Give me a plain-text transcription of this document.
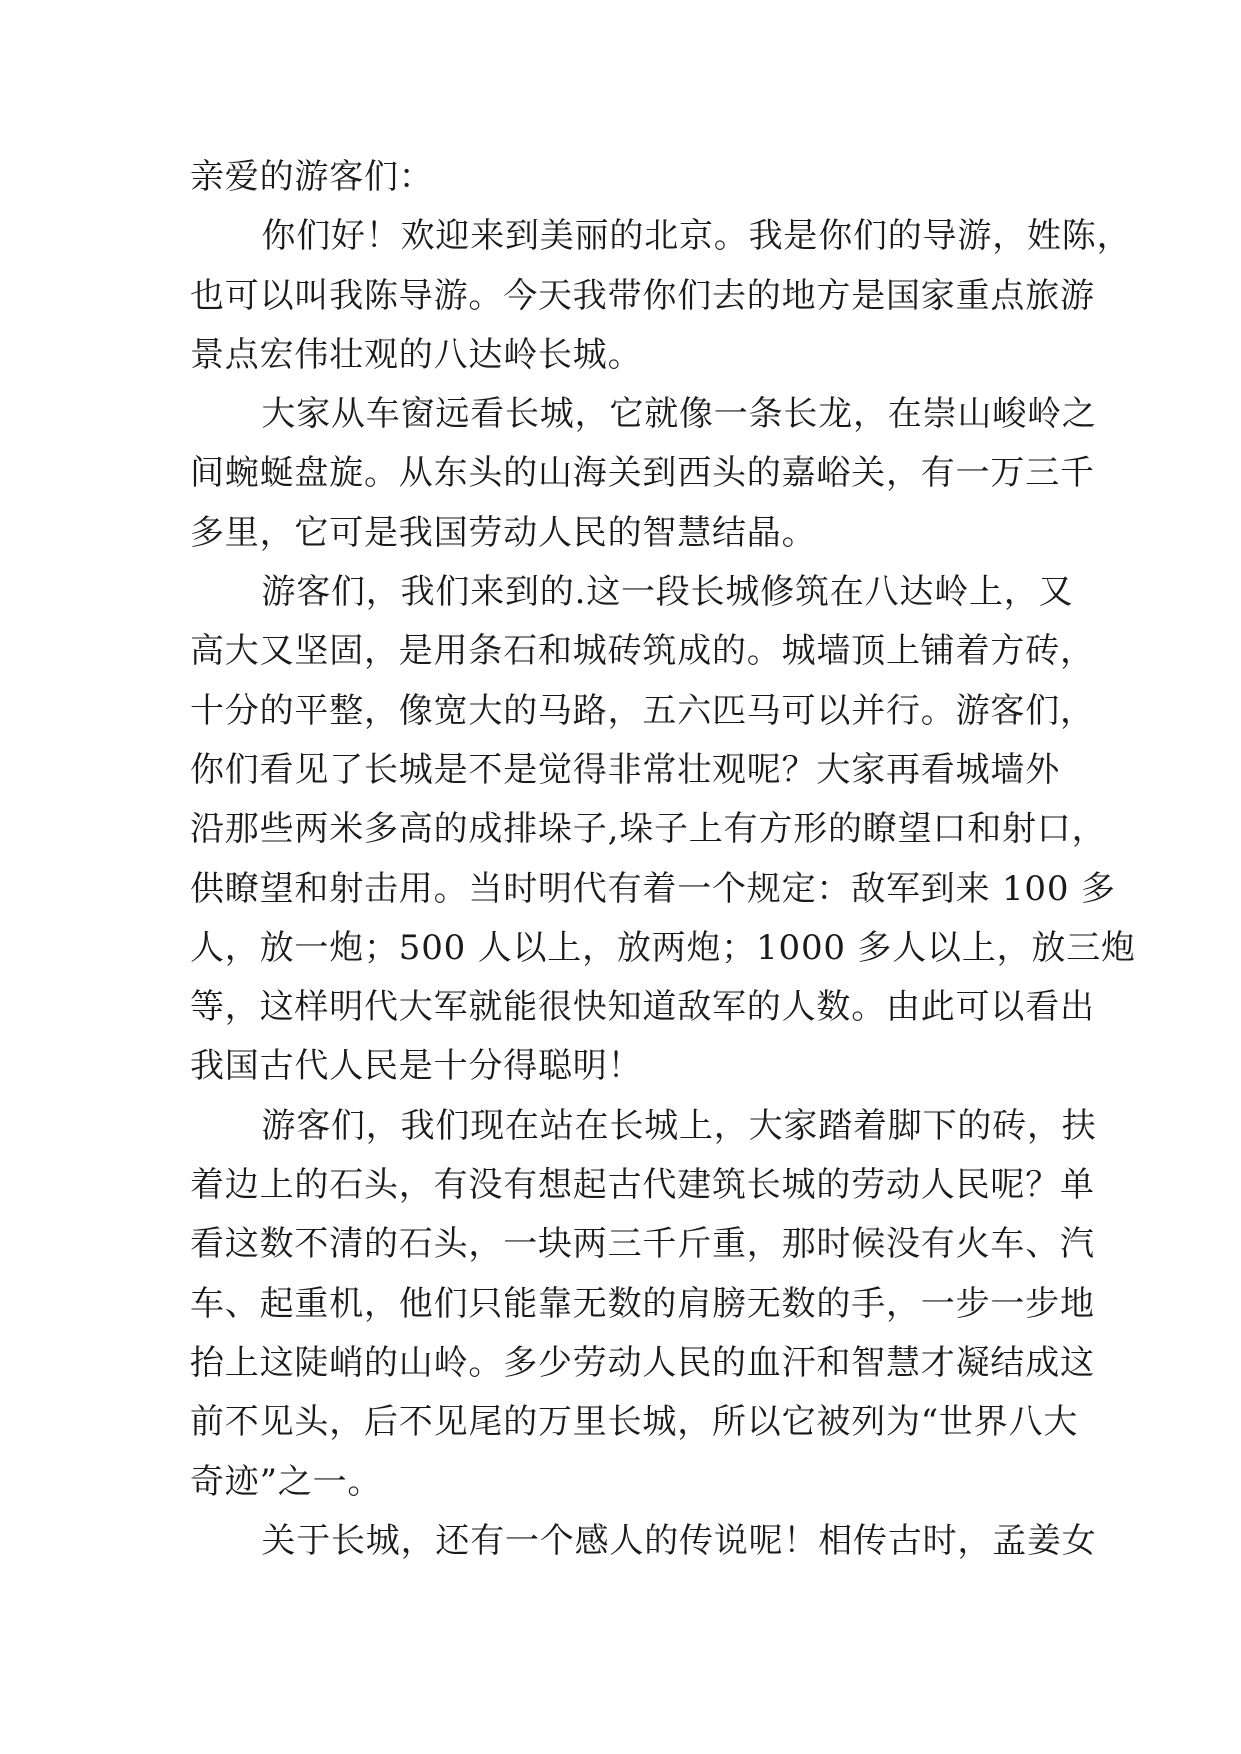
亲爱的游客们：

你们好！欢迎来到美丽的北京。我是你们的导游，姓陈，
也可以叫我陈导游。今天我带你们去的地方是国家重点旅游
景点宏伟壮观的八达岭长城。

大家从车窗远看长城，它就像一条长龙，在崇山峻岭之
间蜿蜒盘旋。从东头的山海关到西头的嘉峪关，有一万三千
多里，它可是我国劳动人民的智慧结晶。

游客们，我们来到的.这一段长城修筑在八达岭上，又
高大又坚固，是用条石和城砖筑成的。城墙顶上铺着方砖，
十分的平整，像宽大的马路，五六匹马可以并行。游客们，
你们看见了长城是不是觉得非常壮观呢？大家再看城墙外
沿那些两米多高的成排垛子,垛子上有方形的瞭望口和射口，
供瞭望和射击用。当时明代有着一个规定：敌军到来 100 多
人，放一炮；500 人以上，放两炮；1000 多人以上，放三炮
等，这样明代大军就能很快知道敌军的人数。由此可以看出
我国古代人民是十分得聪明！

游客们，我们现在站在长城上，大家踏着脚下的砖，扶
着边上的石头，有没有想起古代建筑长城的劳动人民呢？单
看这数不清的石头，一块两三千斤重，那时候没有火车、汽
车、起重机，他们只能靠无数的肩膀无数的手，一步一步地
抬上这陡峭的山岭。多少劳动人民的血汗和智慧才凝结成这
前不见头，后不见尾的万里长城，所以它被列为“世界八大
奇迹”之一。

关于长城，还有一个感人的传说呢！相传古时，孟姜女
